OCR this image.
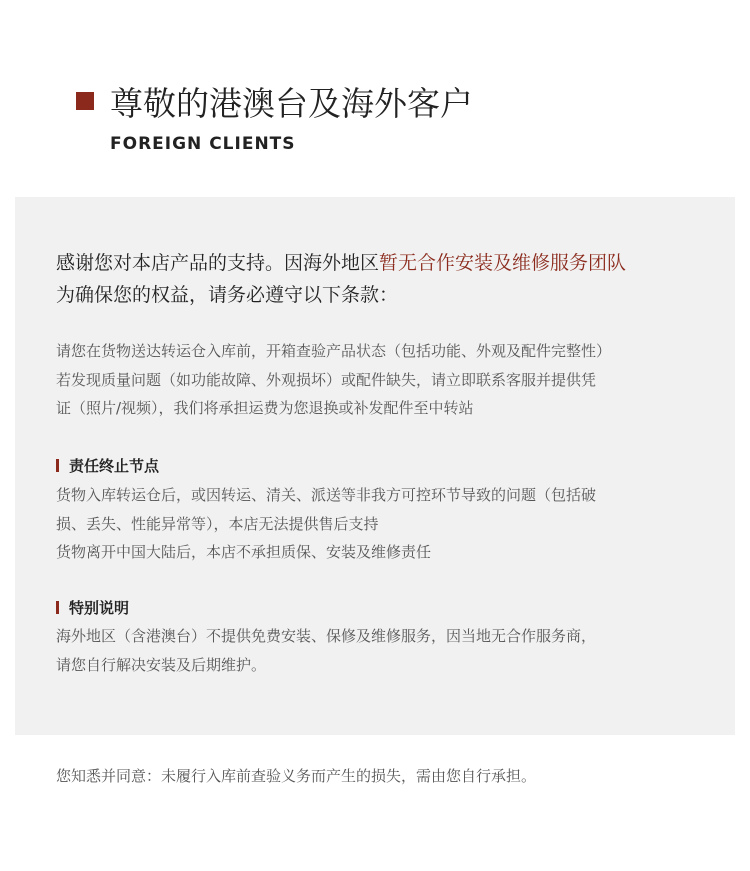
尊敬的港澳台及海外客户
FOREIGN CLIENTS
感谢您对本店产品的支持。因海外地区暂无合作安装及维修服务团队
为确保您的权益，请务必遵守以下条款：
请您在货物送达转运仓入库前，开箱查验产品状态（包括功能、外观及配件完整性）
若发现质量问题（如功能故障、外观损坏）或配件缺失，请立即联系客服并提供凭
证（照片/视频），我们将承担运费为您退换或补发配件至中转站
责任终止节点
货物入库转运仓后，或因转运、清关、派送等非我方可控环节导致的问题（包括破
损、丢失、性能异常等），本店无法提供售后支持
货物离开中国大陆后，本店不承担质保、安装及维修责任
特别说明
海外地区（含港澳台）不提供免费安装、保修及维修服务，因当地无合作服务商，
请您自行解决安装及后期维护。
您知悉并同意：未履行入库前查验义务而产生的损失，需由您自行承担。
